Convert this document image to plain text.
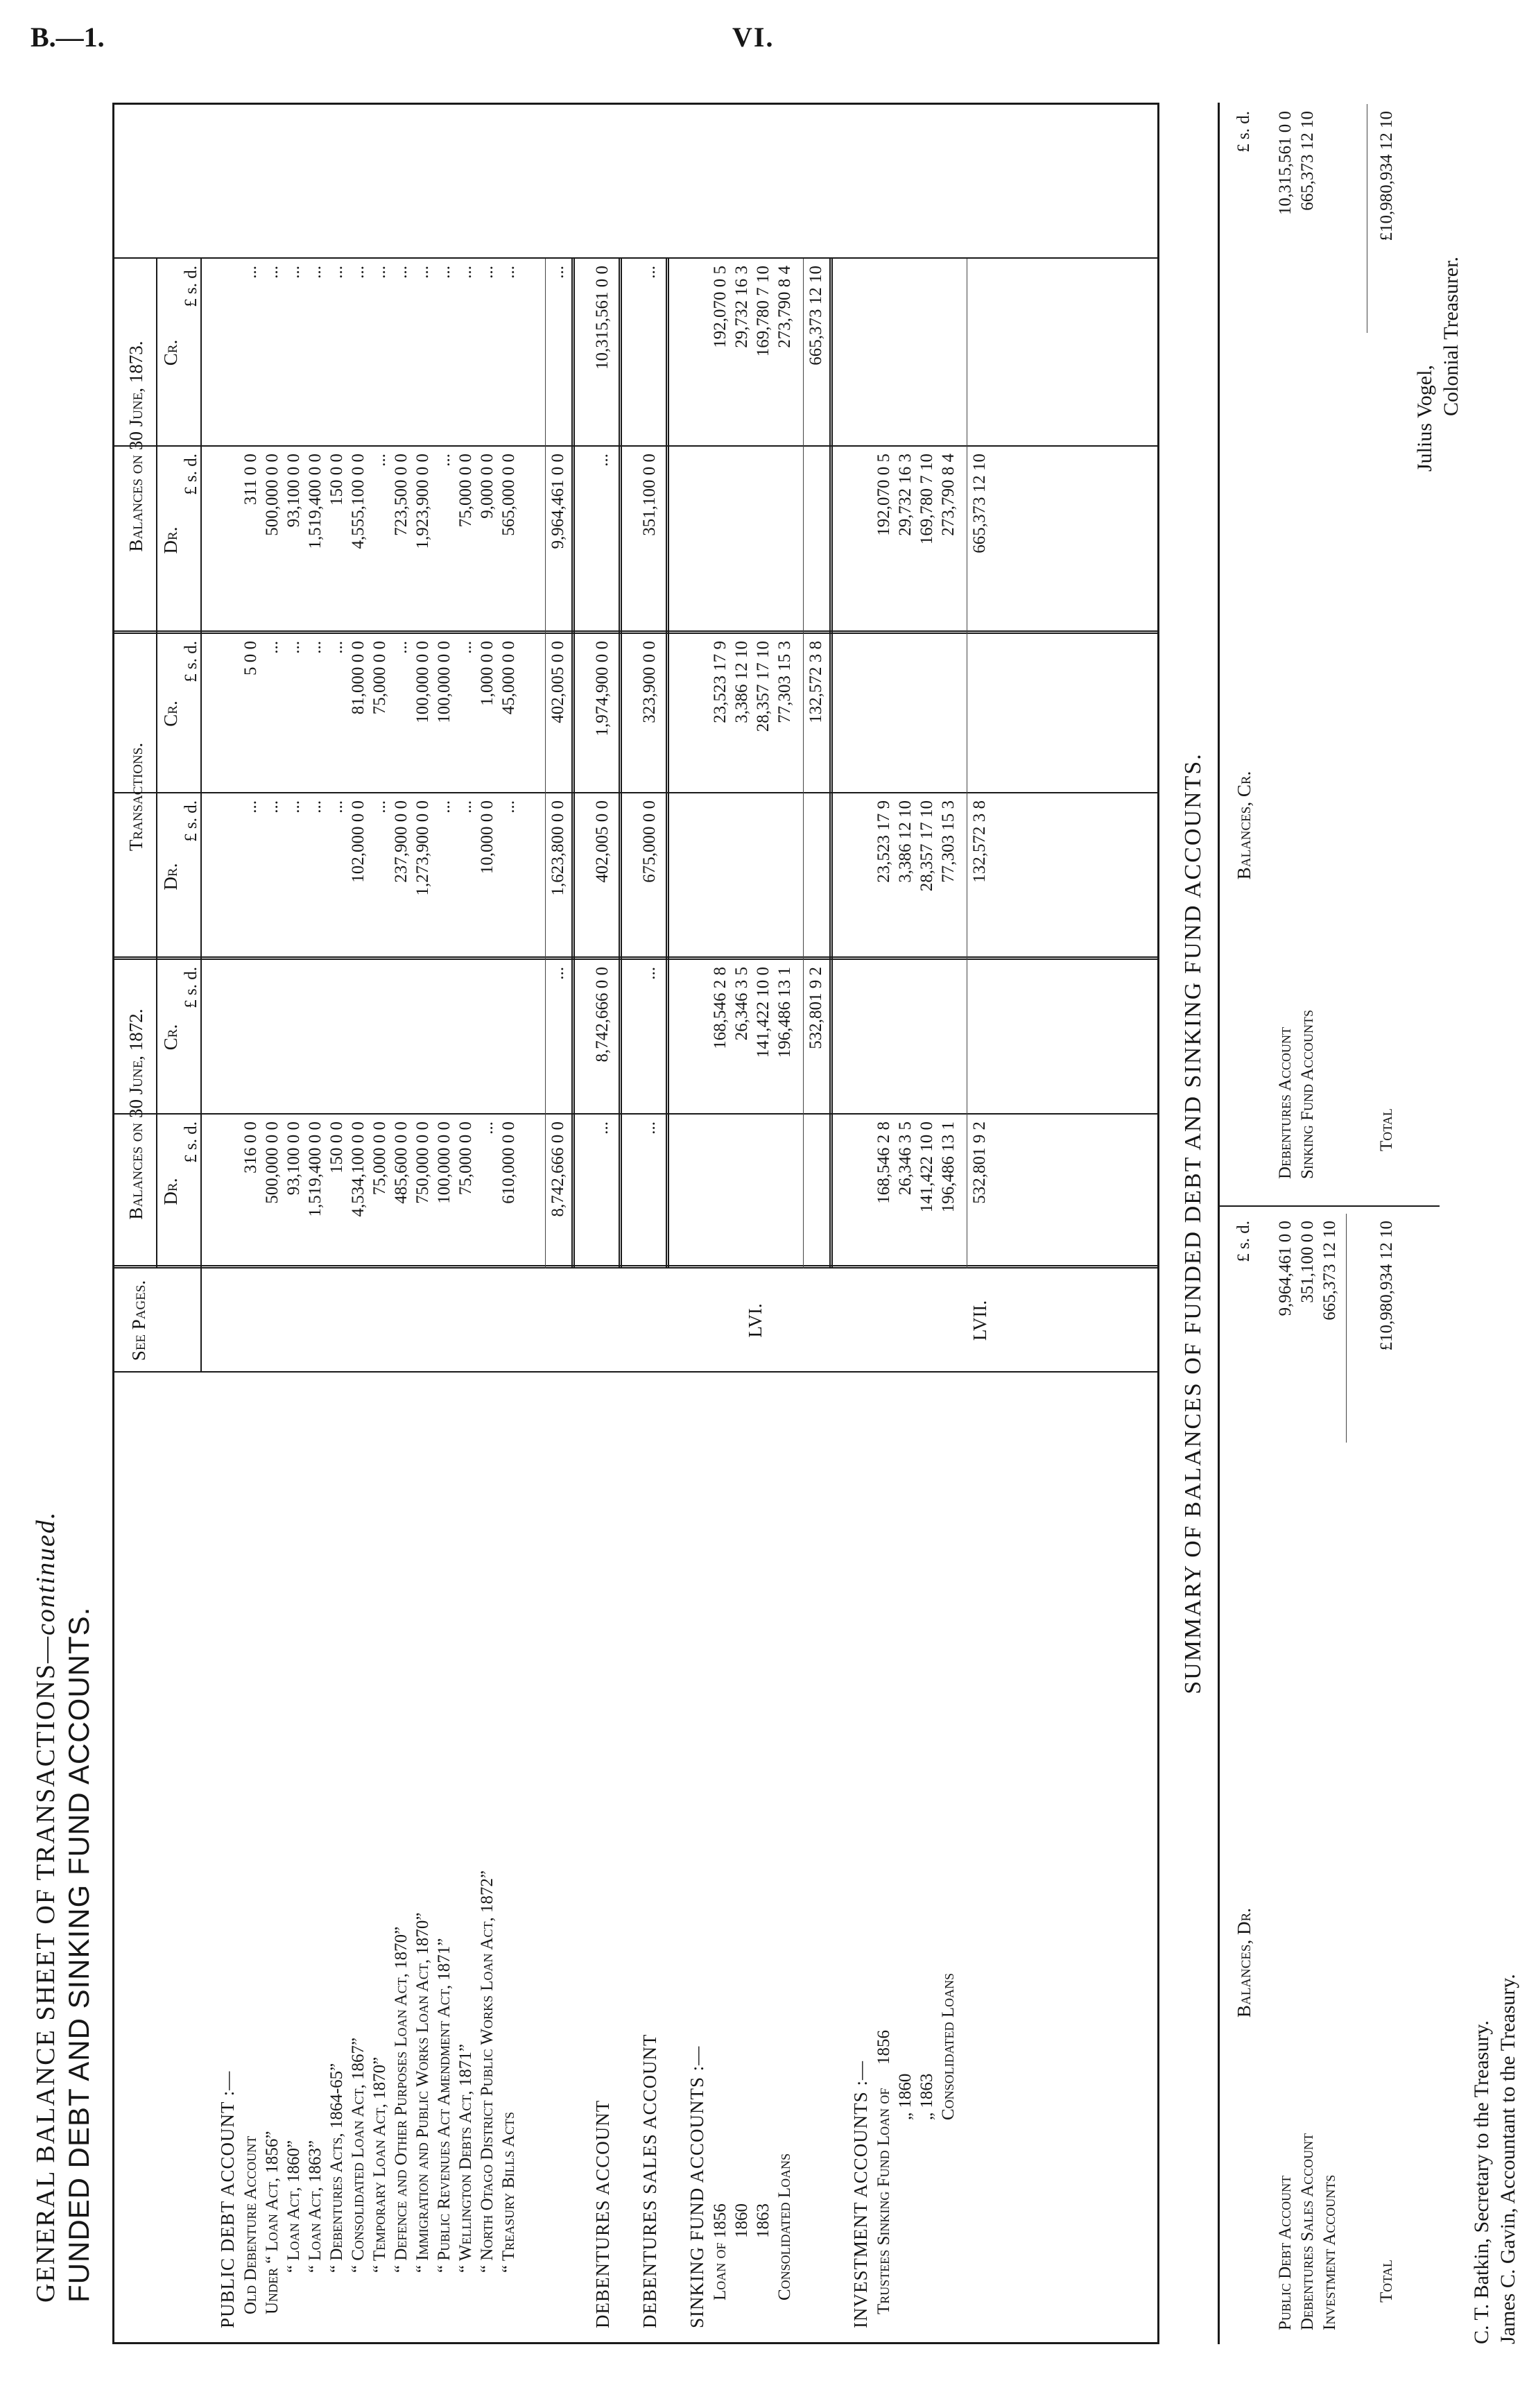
B.—1.	VI.
GENERAL BALANCE SHEET OF TRANSACTIONS—continued.
FUNDED DEBT AND SINKING FUND ACCOUNTS.
See Pages.
Balances on 30 June, 1872.
Transactions.
Balances on 30 June, 1873.
Dr.
£ s. d.
Cr.
£ s. d.
Dr.
£ s. d.
Cr.
£ s. d.
Dr.
£ s. d.
Cr.
£ s. d.
PUBLIC DEBT ACCOUNT :— Old Debenture Account
316 0 0
...
5 0 0
311 0 0
...
Under “ Loan Act, 1856”
500,000 0 0
...
...
500,000 0 0
...
“ Loan Act, 1860”
93,100 0 0
...
...
93,100 0 0
...
“ Loan Act, 1863”
1,519,400 0 0
...
...
1,519,400 0 0
...
“ Debentures Acts, 1864-65”
150 0 0
...
...
150 0 0
...
“ Consolidated Loan Act, 1867”
4,534,100 0 0
102,000 0 0
81,000 0 0
4,555,100 0 0
...
“ Temporary Loan Act, 1870”
75,000 0 0
...
75,000 0 0
...
...
“ Defence and Other Purposes Loan Act, 1870”
485,600 0 0
237,900 0 0
...
723,500 0 0
...
“ Immigration and Public Works Loan Act, 1870”
750,000 0 0
1,273,900 0 0
100,000 0 0
1,923,900 0 0
...
“ Public Revenues Act Amendment Act, 1871”
100,000 0 0
...
100,000 0 0
...
...
“ Wellington Debts Act, 1871”
75,000 0 0
...
...
75,000 0 0
...
“ North Otago District Public Works Loan Act, 1872”
...
10,000 0 0
1,000 0 0
9,000 0 0
...
“ Treasury Bills Acts
610,000 0 0
...
45,000 0 0
565,000 0 0
...
8,742,666 0 0
...
1,623,800 0 0
402,005 0 0
9,964,461 0 0
...
DEBENTURES ACCOUNT
...
8,742,666 0 0
402,005 0 0
1,974,900 0 0
...
10,315,561 0 0
DEBENTURES SALES ACCOUNT
...
...
675,000 0 0
323,900 0 0
351,100 0 0
...
SINKING FUND ACCOUNTS :— Loan of 1856
168,546 2 8
23,523 17 9
192,070 0 5
1860
26,346 3 5
3,386 12 10
29,732 16 3
1863
141,422 10 0
28,357 17 10
169,780 7 10
Consolidated Loans
196,486 13 1
77,303 15 3
273,790 8 4
LVI.
532,801 9 2
132,572 3 8
665,373 12 10
INVESTMENT ACCOUNTS :— Trustees Sinking Fund Loan of
1856
168,546 2 8
23,523 17 9
192,070 0 5
„ 1860
26,346 3 5
3,386 12 10
29,732 16 3
„ 1863
141,422 10 0
28,357 17 10
169,780 7 10
Consolidated Loans
196,486 13 1
77,303 15 3
273,790 8 4
LVII.
532,801 9 2
132,572 3 8
665,373 12 10
SUMMARY OF BALANCES OF FUNDED DEBT AND SINKING FUND ACCOUNTS.
Balances, Dr.
Balances, Cr.
£ s. d.
£ s. d.
Public Debt Account
9,964,461 0 0
Debentures Sales Account
351,100 0 0
Investment Accounts
665,373 12 10
Total
£10,980,934 12 10
Debentures Account
10,315,561 0 0
Sinking Fund Accounts
665,373 12 10
Total
£10,980,934 12 10
C. T. Batkin, Secretary to the Treasury. James C. Gavin, Accountant to the Treasury.
Julius Vogel,
Colonial Treasurer.
